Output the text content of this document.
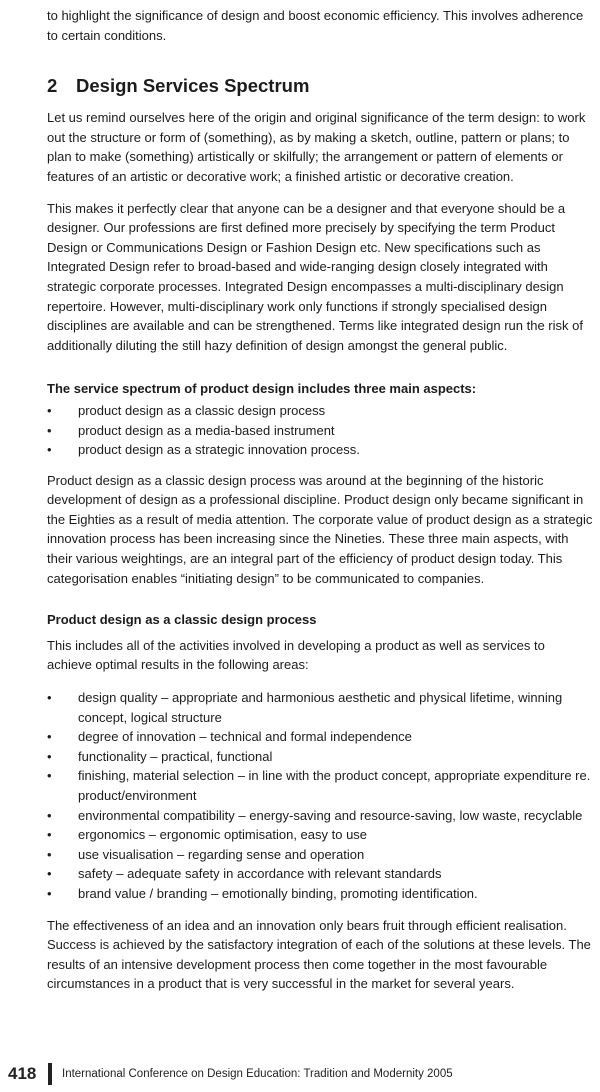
to highlight the significance of design and boost economic efficiency. This involves adherence to certain conditions.

2	Design Services Spectrum

Let us remind ourselves here of the origin and original significance of the term design: to work out the structure or form of (something), as by making a sketch, outline, pattern or plans; to plan to make (something) artistically or skilfully; the arrangement or pattern of elements or features of an artistic or decorative work; a finished artistic or decorative creation.

This makes it perfectly clear that anyone can be a designer and that everyone should be a designer. Our professions are first defined more precisely by specifying the term Product Design or Communications Design or Fashion Design etc. New specifications such as Integrated Design refer to broad-based and wide-ranging design closely integrated with strategic corporate processes. Integrated Design encompasses a multi-disciplinary design repertoire. However, multi-disciplinary work only functions if strongly specialised design disciplines are available and can be strengthened. Terms like integrated design run the risk of additionally diluting the still hazy definition of design amongst the general public.

The service spectrum of product design includes three main aspects:
•	product design as a classic design process
•	product design as a media-based instrument
•	product design as a strategic innovation process.

Product design as a classic design process was around at the beginning of the historic development of design as a professional discipline. Product design only became significant in the Eighties as a result of media attention. The corporate value of product design as a strategic innovation process has been increasing since the Nineties. These three main aspects, with their various weightings, are an integral part of the efficiency of product design today. This categorisation enables “initiating design” to be communicated to companies.

Product design as a classic design process

This includes all of the activities involved in developing a product as well as services to achieve optimal results in the following areas:

•	design quality – appropriate and harmonious aesthetic and physical lifetime, winning concept, logical structure
•	degree of innovation – technical and formal independence
•	functionality – practical, functional
•	finishing, material selection – in line with the product concept, appropriate expenditure re. product/environment
•	environmental compatibility – energy-saving and resource-saving, low waste, recyclable
•	ergonomics – ergonomic optimisation, easy to use
•	use visualisation – regarding sense and operation
•	safety – adequate safety in accordance with relevant standards
•	brand value / branding – emotionally binding, promoting identification.

The effectiveness of an idea and an innovation only bears fruit through efficient realisation. Success is achieved by the satisfactory integration of each of the solutions at these levels. The results of an intensive development process then come together in the most favourable circumstances in a product that is very successful in the market for several years.

418	International Conference on Design Education: Tradition and Modernity 2005
